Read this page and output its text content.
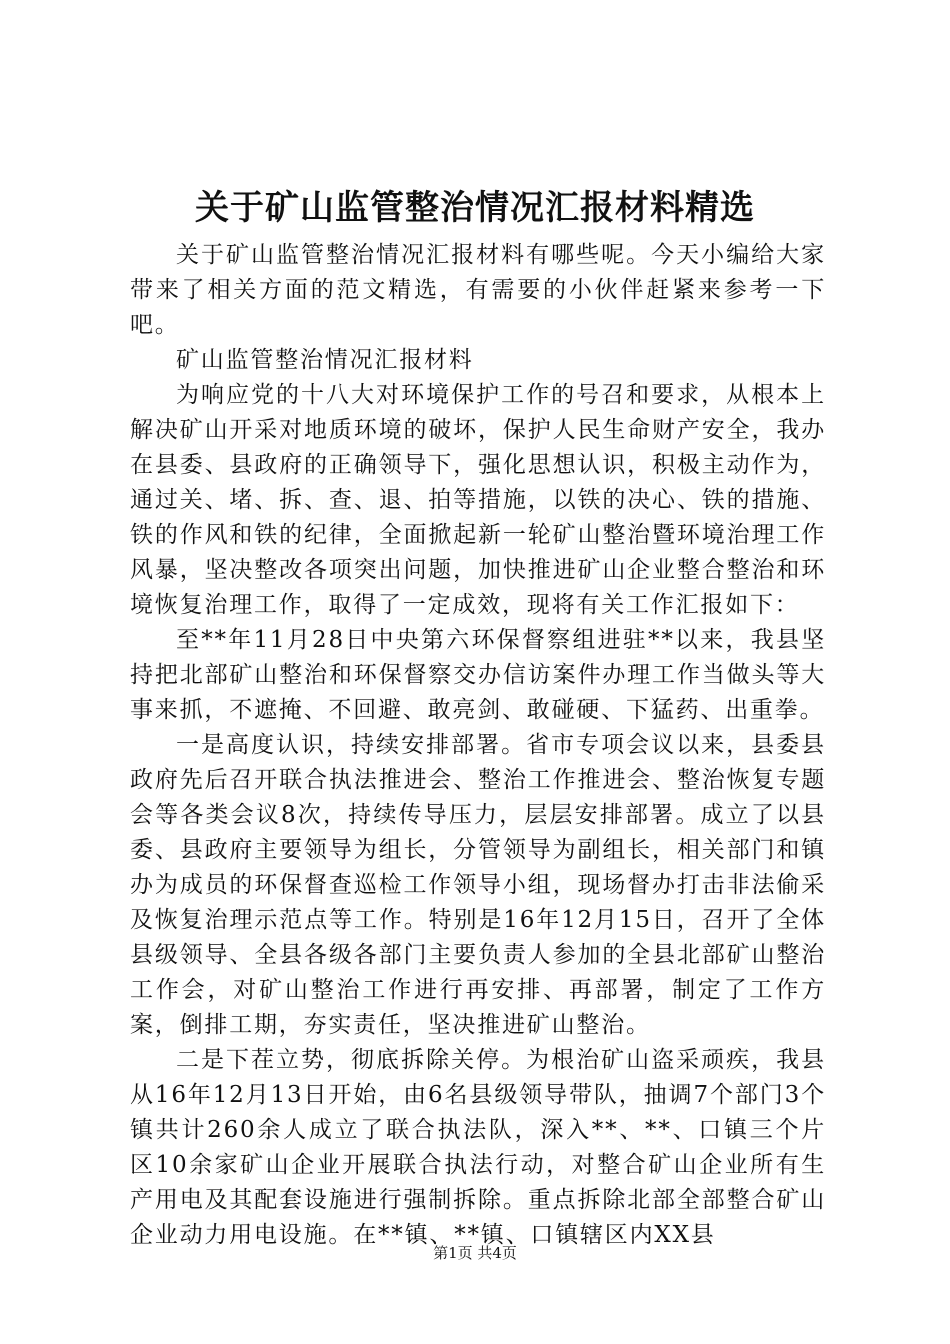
关于矿山监管整治情况汇报材料精选

关于矿山监管整治情况汇报材料有哪些呢。今天小编给大家带来了相关方面的范文精选，有需要的小伙伴赶紧来参考一下吧。

矿山监管整治情况汇报材料

为响应党的十八大对环境保护工作的号召和要求，从根本上解决矿山开采对地质环境的破坏，保护人民生命财产安全，我办在县委、县政府的正确领导下，强化思想认识，积极主动作为，通过关、堵、拆、查、退、拍等措施，以铁的决心、铁的措施、铁的作风和铁的纪律，全面掀起新一轮矿山整治暨环境治理工作风暴，坚决整改各项突出问题，加快推进矿山企业整合整治和环境恢复治理工作，取得了一定成效，现将有关工作汇报如下：

至**年11月28日中央第六环保督察组进驻**以来，我县坚持把北部矿山整治和环保督察交办信访案件办理工作当做头等大事来抓，不遮掩、不回避、敢亮剑、敢碰硬、下猛药、出重拳。

一是高度认识，持续安排部署。省市专项会议以来，县委县政府先后召开联合执法推进会、整治工作推进会、整治恢复专题会等各类会议8次，持续传导压力，层层安排部署。成立了以县委、县政府主要领导为组长，分管领导为副组长，相关部门和镇办为成员的环保督查巡检工作领导小组，现场督办打击非法偷采及恢复治理示范点等工作。特别是16年12月15日，召开了全体县级领导、全县各级各部门主要负责人参加的全县北部矿山整治工作会，对矿山整治工作进行再安排、再部署，制定了工作方案，倒排工期，夯实责任，坚决推进矿山整治。

二是下茬立势，彻底拆除关停。为根治矿山盗采顽疾，我县从16年12月13日开始，由6名县级领导带队，抽调7个部门3个镇共计260余人成立了联合执法队，深入**、**、口镇三个片区10余家矿山企业开展联合执法行动，对整合矿山企业所有生产用电及其配套设施进行强制拆除。重点拆除北部全部整合矿山企业动力用电设施。在**镇、**镇、口镇辖区内XX县

第1页 共4页
